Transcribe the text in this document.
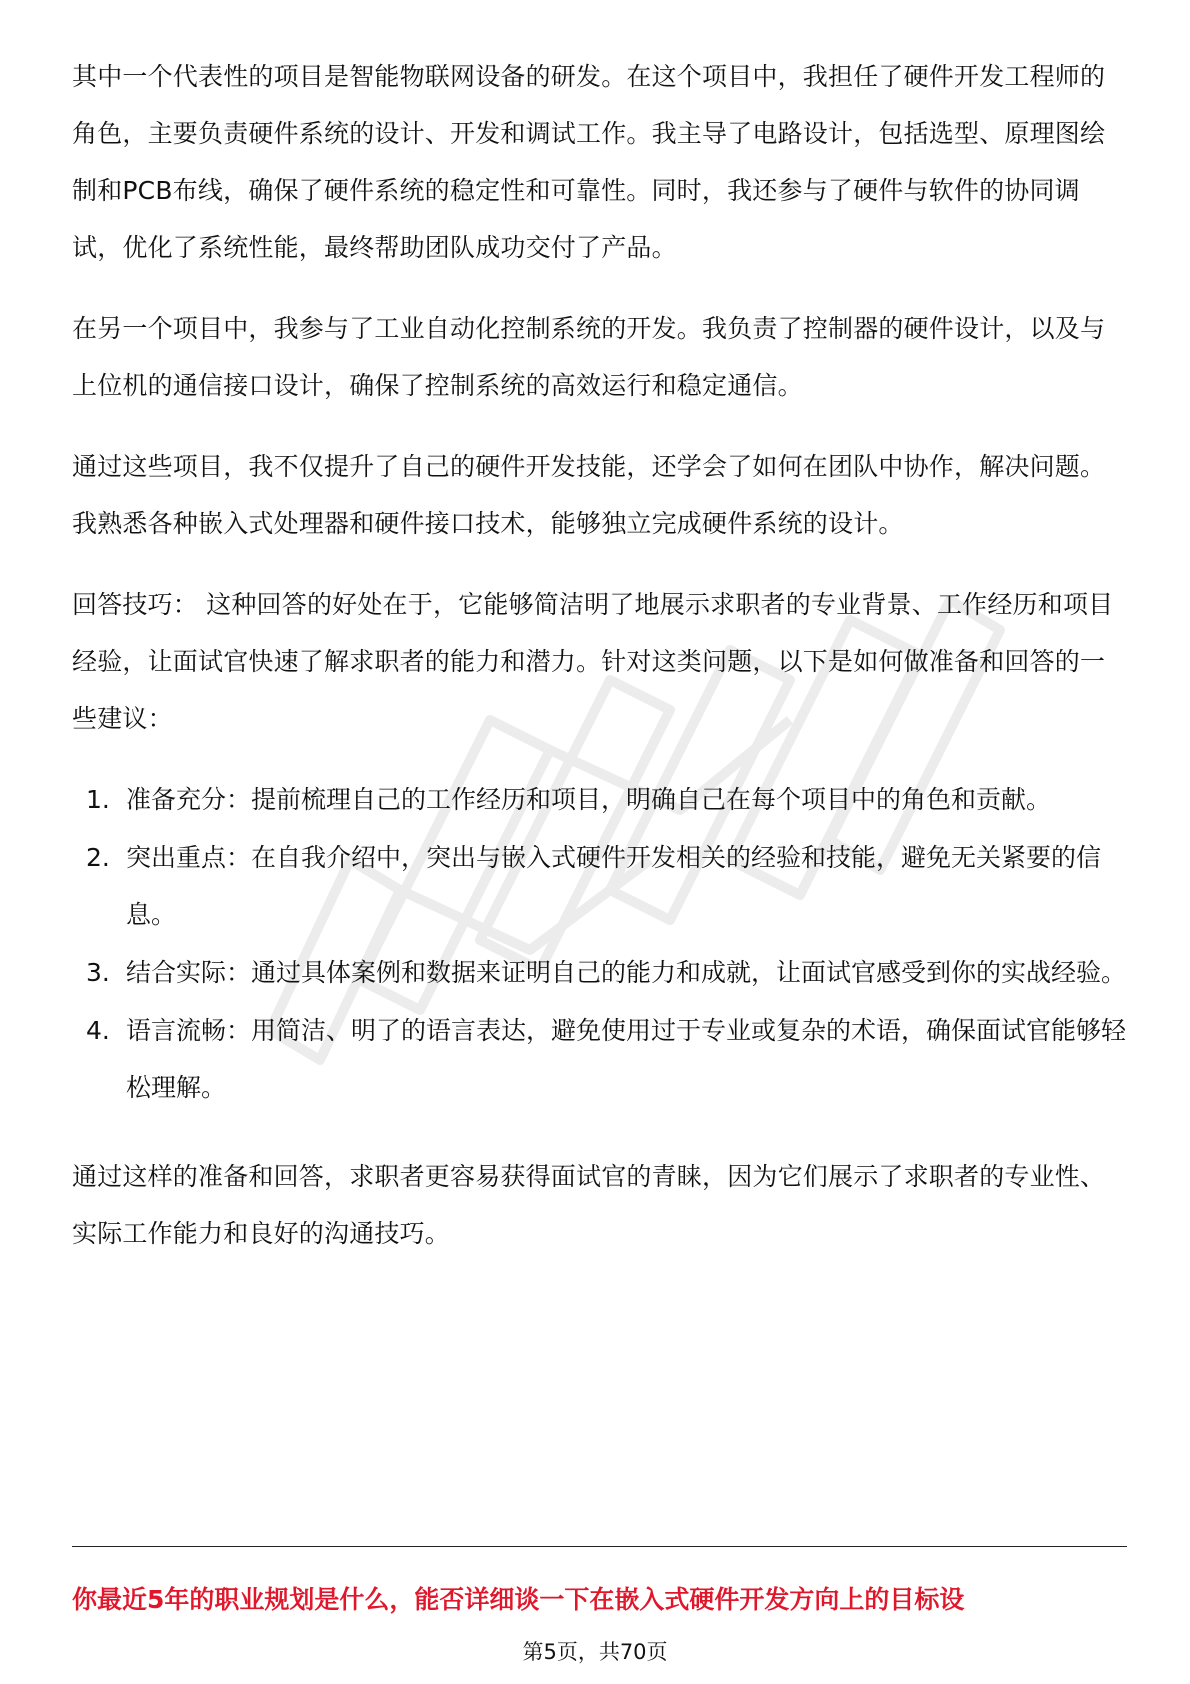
其中一个代表性的项目是智能物联网设备的研发。在这个项目中，我担任了硬件开发工程师的角色，主要负责硬件系统的设计、开发和调试工作。我主导了电路设计，包括选型、原理图绘制和PCB布线，确保了硬件系统的稳定性和可靠性。同时，我还参与了硬件与软件的协同调试，优化了系统性能，最终帮助团队成功交付了产品。

在另一个项目中，我参与了工业自动化控制系统的开发。我负责了控制器的硬件设计，以及与上位机的通信接口设计，确保了控制系统的高效运行和稳定通信。

通过这些项目，我不仅提升了自己的硬件开发技能，还学会了如何在团队中协作，解决问题。我熟悉各种嵌入式处理器和硬件接口技术，能够独立完成硬件系统的设计。

回答技巧： 这种回答的好处在于，它能够简洁明了地展示求职者的专业背景、工作经历和项目经验，让面试官快速了解求职者的能力和潜力。针对这类问题，以下是如何做准备和回答的一些建议：

1. 准备充分：提前梳理自己的工作经历和项目，明确自己在每个项目中的角色和贡献。
2. 突出重点：在自我介绍中，突出与嵌入式硬件开发相关的经验和技能，避免无关紧要的信息。
3. 结合实际：通过具体案例和数据来证明自己的能力和成就，让面试官感受到你的实战经验。
4. 语言流畅：用简洁、明了的语言表达，避免使用过于专业或复杂的术语，确保面试官能够轻松理解。

通过这样的准备和回答，求职者更容易获得面试官的青睐，因为它们展示了求职者的专业性、实际工作能力和良好的沟通技巧。

你最近5年的职业规划是什么，能否详细谈一下在嵌入式硬件开发方向上的目标设
第5页，共70页
